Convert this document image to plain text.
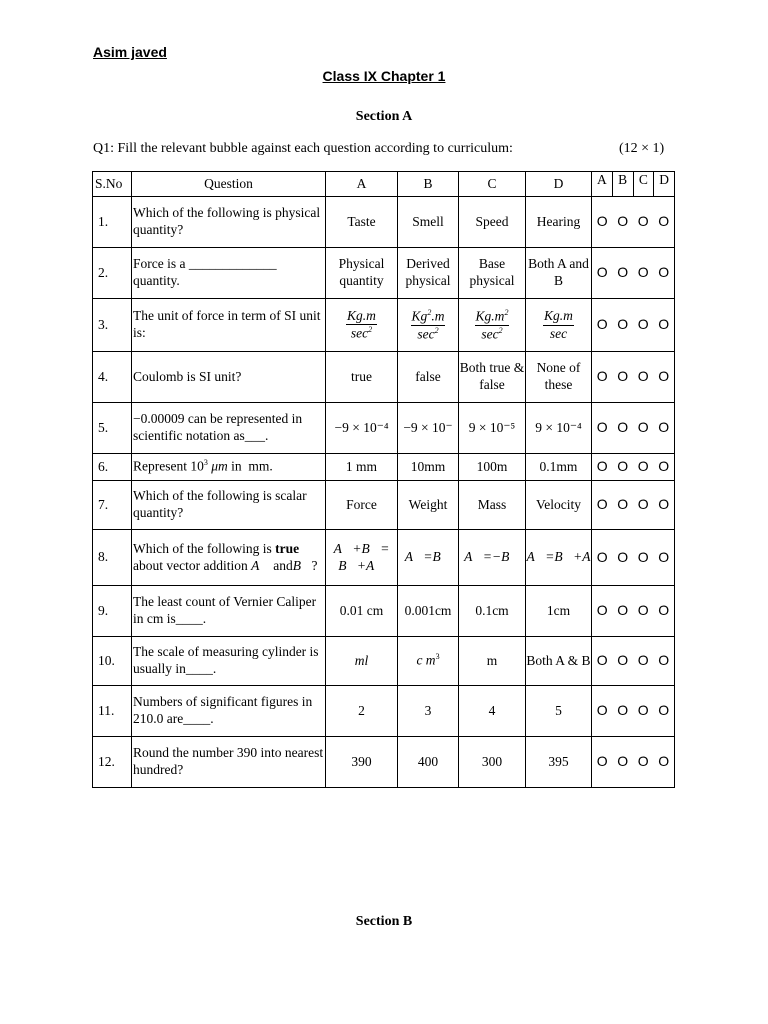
Asim javed
Class IX Chapter 1
Section A
Q1: Fill the relevant bubble against each question according to curriculum:	(12 × 1)
S.No	Question	A	B	C	D	A B C D

1.	Which of the following is physical quantity?	Taste	Smell	Speed	Hearing	O O O O

2.	Force is a _____________
quantity.	Physical quantity	Derived physical	Base physical	Both A and B	O O O O

3.	The unit of force in term of SI unit is:	$\frac{Kg.m}{\sec^2}$	$\frac{Kg^2.m}{\sec^2}$	$\frac{Kg.m^2}{\sec^2}$	$\frac{Kg.m}{\sec}$	O O O O

4.	Coulomb is SI unit?	true	false	Both true & false	None of these	O O O O

5.	−0.00009 can be represented in scientific notation as___.	−9 × 10⁻⁴	−9 × 10⁻	9 × 10⁻⁵	9 × 10⁻⁴	O O O O

6.	Represent $10^3$ μm in  mm.	1 mm	10mm	100m	0.1mm	O O O O

7.	Which of the following is scalar quantity?	Force	Weight	Mass	Velocity	O O O O

8.	Which of the following is true about vector addition A⃗ andB⃗?	A⃗+B⃗=
B⃗+A⃗	A⃗=B⃗	A⃗=−B⃗	A⃗=B⃗+A	O O O O

9.	The least count of Vernier Caliper in cm is____.	0.01 cm	0.001cm	0.1cm	1cm	O O O O

10.	The scale of measuring cylinder is usually in____.	ml	c $m^3$	m	Both A & B	O O O O

11.	Numbers of significant figures in 210.0 are____.	2	3	4	5	O O O O

12.	Round the number 390 into nearest hundred?	390	400	300	395	O O O O
Section B
